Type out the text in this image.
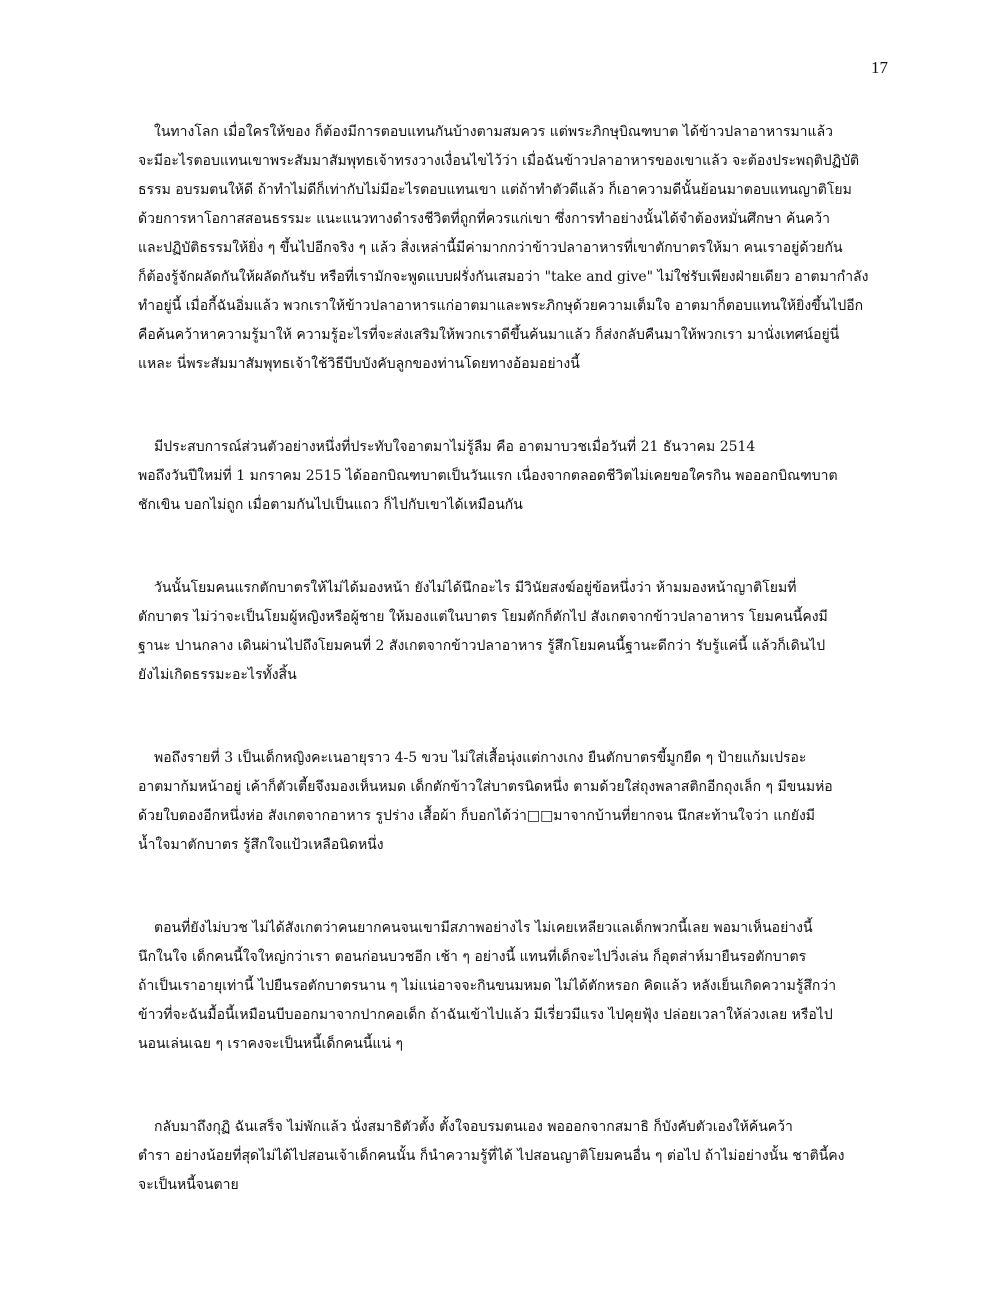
17

ในทางโลก เมื่อใครให้ของ ก็ต้องมีการตอบแทนกันบ้างตามสมควร แต่พระภิกษุบิณฑบาต ได้ข้าวปลาอาหารมาแล้ว
จะมีอะไรตอบแทนเขาพระสัมมาสัมพุทธเจ้าทรงวางเงื่อนไขไว้ว่า เมื่อฉันข้าวปลาอาหารของเขาแล้ว จะต้องประพฤติปฏิบัติ
ธรรม อบรมตนให้ดี ถ้าทำไม่ดีก็เท่ากับไม่มีอะไรตอบแทนเขา แต่ถ้าทำตัวดีแล้ว ก็เอาความดีนั้นย้อนมาตอบแทนญาติโยม
ด้วยการหาโอกาสสอนธรรมะ แนะแนวทางดำรงชีวิตที่ถูกที่ควรแก่เขา ซึ่งการทำอย่างนั้นได้จำต้องหมั่นศึกษา ค้นคว้า
และปฏิบัติธรรมให้ยิ่ง ๆ ขึ้นไปอีกจริง ๆ แล้ว สิ่งเหล่านี้มีค่ามากกว่าข้าวปลาอาหารที่เขาตักบาตรให้มา คนเราอยู่ด้วยกัน
ก็ต้องรู้จักผลัดกันให้ผลัดกันรับ หรือที่เรามักจะพูดแบบฝรั่งกันเสมอว่า "take and give" ไม่ใช่รับเพียงฝ่ายเดียว อาตมากำลัง
ทำอยู่นี้ เมื่อกี้ฉันอิ่มแล้ว พวกเราให้ข้าวปลาอาหารแก่อาตมาและพระภิกษุด้วยความเต็มใจ อาตมาก็ตอบแทนให้ยิ่งขึ้นไปอีก
คือค้นคว้าหาความรู้มาให้ ความรู้อะไรที่จะส่งเสริมให้พวกเราดีขึ้นค้นมาแล้ว ก็ส่งกลับคืนมาให้พวกเรา มานั่งเทศน์อยู่นี่
แหละ นี่พระสัมมาสัมพุทธเจ้าใช้วิธีบีบบังคับลูกของท่านโดยทางอ้อมอย่างนี้

มีประสบการณ์ส่วนตัวอย่างหนึ่งที่ประทับใจอาตมาไม่รู้ลืม คือ อาตมาบวชเมื่อวันที่ 21 ธันวาคม 2514
พอถึงวันปีใหม่ที่ 1 มกราคม 2515 ได้ออกบิณฑบาตเป็นวันแรก เนื่องจากตลอดชีวิตไม่เคยขอใครกิน พอออกบิณฑบาต
ชักเขิน บอกไม่ถูก เมื่อตามกันไปเป็นแถว ก็ไปกับเขาได้เหมือนกัน

วันนั้นโยมคนแรกตักบาตรให้ไม่ได้มองหน้า ยังไม่ได้นึกอะไร มีวินัยสงฆ์อยู่ข้อหนึ่งว่า ห้ามมองหน้าญาติโยมที่
ตักบาตร ไม่ว่าจะเป็นโยมผู้หญิงหรือผู้ชาย ให้มองแต่ในบาตร โยมตักก็ตักไป สังเกตจากข้าวปลาอาหาร โยมคนนี้คงมี
ฐานะ ปานกลาง เดินผ่านไปถึงโยมคนที่ 2 สังเกตจากข้าวปลาอาหาร รู้สึกโยมคนนี้ฐานะดีกว่า รับรู้แค่นี้ แล้วก็เดินไป
ยังไม่เกิดธรรมะอะไรทั้งสิ้น

พอถึงรายที่ 3 เป็นเด็กหญิงคะเนอายุราว 4-5 ขวบ ไม่ใส่เสื้อนุ่งแต่กางเกง ยืนตักบาตรขี้มูกยืด ๆ ป้ายแก้มเปรอะ
อาตมาก้มหน้าอยู่ เค้าก็ตัวเตี้ยจึงมองเห็นหมด เด็กตักข้าวใส่บาตรนิดหนึ่ง ตามด้วยใส่ถุงพลาสติกอีกถุงเล็ก ๆ มีขนมห่อ
ด้วยใบตองอีกหนึ่งห่อ สังเกตจากอาหาร รูปร่าง เสื้อผ้า ก็บอกได้ว่า□□มาจากบ้านที่ยากจน นึกสะท้านใจว่า แกยังมี
น้ำใจมาตักบาตร รู้สึกใจแป้วเหลือนิดหนึ่ง

ตอนที่ยังไม่บวช ไม่ได้สังเกตว่าคนยากคนจนเขามีสภาพอย่างไร ไม่เคยเหลียวแลเด็กพวกนี้เลย พอมาเห็นอย่างนี้
นึกในใจ เด็กคนนี้ใจใหญ่กว่าเรา ตอนก่อนบวชอีก เช้า ๆ อย่างนี้ แทนที่เด็กจะไปวิ่งเล่น ก็อุตส่าห์มายืนรอตักบาตร
ถ้าเป็นเราอายุเท่านี้ ไปยืนรอตักบาตรนาน ๆ ไม่แน่อาจจะกินขนมหมด ไม่ได้ตักหรอก คิดแล้ว หลังเย็นเกิดความรู้สึกว่า
ข้าวที่จะฉันมื้อนี้เหมือนบีบออกมาจากปากคอเด็ก ถ้าฉันเข้าไปแล้ว มีเรี่ยวมีแรง ไปคุยฟุ้ง ปล่อยเวลาให้ล่วงเลย หรือไป
นอนเล่นเฉย ๆ เราคงจะเป็นหนี้เด็กคนนี้แน่ ๆ

กลับมาถึงกุฏิ ฉันเสร็จ ไม่พักแล้ว นั่งสมาธิตัวตั้ง ตั้งใจอบรมตนเอง พอออกจากสมาธิ ก็บังคับตัวเองให้ค้นคว้า
ตำรา อย่างน้อยที่สุดไม่ได้ไปสอนเจ้าเด็กคนนั้น ก็นำความรู้ที่ได้ ไปสอนญาติโยมคนอื่น ๆ ต่อไป ถ้าไม่อย่างนั้น ชาตินี้คง
จะเป็นหนี้จนตาย
